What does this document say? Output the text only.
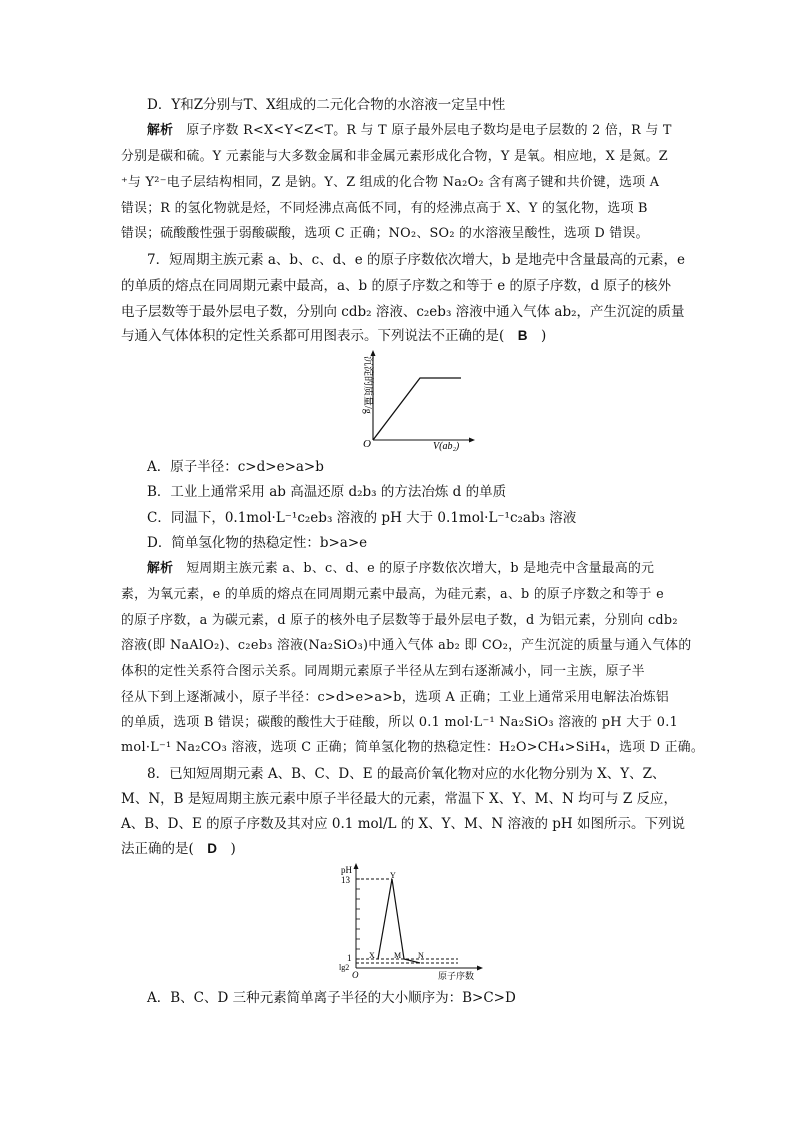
D．Y和Z分别与T、X组成的二元化合物的水溶液一定呈中性
解析　 原子序数 R<X<Y<Z<T。R 与 T 原子最外层电子数均是电子层数的 2 倍，R 与 T
分别是碳和硫。Y 元素能与大多数金属和非金属元素形成化合物，Y 是氧。相应地，X 是氮。Z
⁺与 Y²⁻电子层结构相同，Z 是钠。Y、Z 组成的化合物 Na₂O₂ 含有离子键和共价键，选项 A
错误；R 的氢化物就是烃，不同烃沸点高低不同，有的烃沸点高于 X、Y 的氢化物，选项 B
错误；硫酸酸性强于弱酸碳酸，选项 C 正确；NO₂、SO₂ 的水溶液呈酸性，选项 D 错误。
7．短周期主族元素 a、b、c、d、e 的原子序数依次增大，b 是地壳中含量最高的元素，e
的单质的熔点在同周期元素中最高，a、b 的原子序数之和等于 e 的原子序数，d 原子的核外
电子层数等于最外层电子数，分别向 cdb₂ 溶液、c₂eb₃ 溶液中通入气体 ab₂，产生沉淀的质量
与通入气体体积的定性关系都可用图表示。下列说法不正确的是(　B　)
沉淀的质量/g
O	V(ab₂)
A．原子半径：c>d>e>a>b
B．工业上通常采用 ab 高温还原 d₂b₃ 的方法冶炼 d 的单质
C．同温下，0.1mol·L⁻¹c₂eb₃ 溶液的 pH 大于 0.1mol·L⁻¹c₂ab₃ 溶液
D．简单氢化物的热稳定性：b>a>e
解析　 短周期主族元素 a、b、c、d、e 的原子序数依次增大，b 是地壳中含量最高的元
素，为氧元素，e 的单质的熔点在同周期元素中最高，为硅元素，a、b 的原子序数之和等于 e
的原子序数，a 为碳元素，d 原子的核外电子层数等于最外层电子数，d 为铝元素，分别向 cdb₂
溶液(即 NaAlO₂)、c₂eb₃ 溶液(Na₂SiO₃)中通入气体 ab₂ 即 CO₂，产生沉淀的质量与通入气体的
体积的定性关系符合图示关系。同周期元素原子半径从左到右逐渐减小，同一主族，原子半
径从下到上逐渐减小，原子半径：c>d>e>a>b，选项 A 正确；工业上通常采用电解法冶炼铝
的单质，选项 B 错误；碳酸的酸性大于硅酸，所以 0.1 mol·L⁻¹ Na₂SiO₃ 溶液的 pH 大于 0.1
mol·L⁻¹ Na₂CO₃ 溶液，选项 C 正确；简单氢化物的热稳定性：H₂O>CH₄>SiH₄，选项 D 正确。
8．已知短周期元素 A、B、C、D、E 的最高价氧化物对应的水化物分别为 X、Y、Z、
M、N，B 是短周期主族元素中原子半径最大的元素，常温下 X、Y、M、N 均可与 Z 反应，
A、B、D、E 的原子序数及其对应 0.1 mol/L 的 X、Y、M、N 溶液的 pH 如图所示。下列说
法正确的是(　D　)
pH
13
1
lg2
O	原子序数
X
Y
M N
A．B、C、D 三种元素简单离子半径的大小顺序为：B>C>D
